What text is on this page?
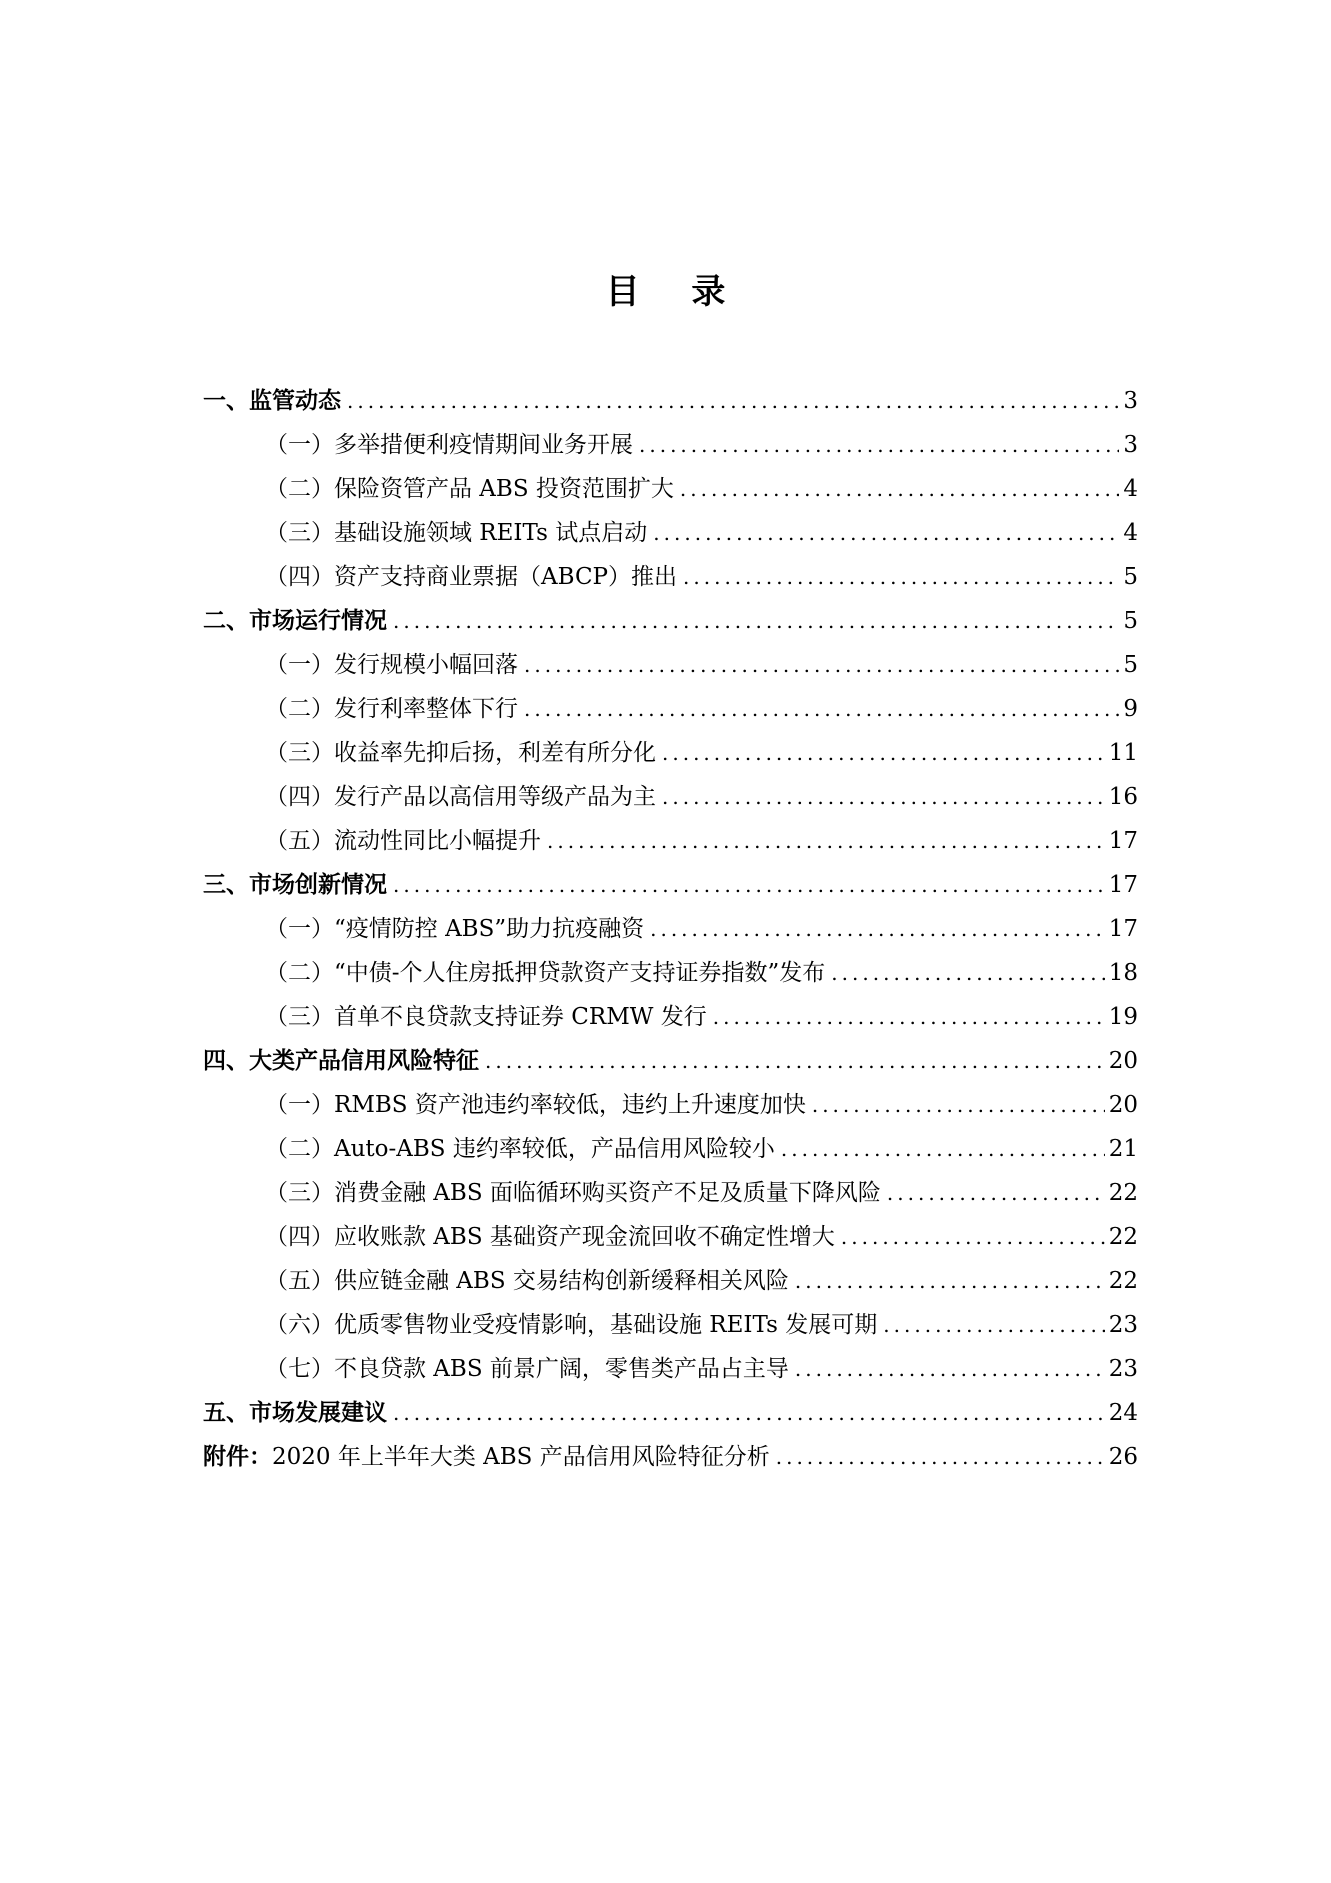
目 录
一、监管动态 .....	3
（一）多举措便利疫情期间业务开展 .....	3
（二）保险资管产品 ABS 投资范围扩大 .....	4
（三）基础设施领域 REITs 试点启动 .....	4
（四）资产支持商业票据（ABCP）推出 .....	5
二、市场运行情况 .....	5
（一）发行规模小幅回落 .....	5
（二）发行利率整体下行 .....	9
（三）收益率先抑后扬，利差有所分化 .....	11
（四）发行产品以高信用等级产品为主 .....	16
（五）流动性同比小幅提升 .....	17
三、市场创新情况 .....	17
（一）“疫情防控 ABS”助力抗疫融资 .....	17
（二）“中债-个人住房抵押贷款资产支持证券指数”发布 .....	18
（三）首单不良贷款支持证券 CRMW 发行 .....	19
四、大类产品信用风险特征 .....	20
（一）RMBS 资产池违约率较低，违约上升速度加快 .....	20
（二）Auto-ABS 违约率较低，产品信用风险较小 .....	21
（三）消费金融 ABS 面临循环购买资产不足及质量下降风险 .....	22
（四）应收账款 ABS 基础资产现金流回收不确定性增大 .....	22
（五）供应链金融 ABS 交易结构创新缓释相关风险 .....	22
（六）优质零售物业受疫情影响，基础设施 REITs 发展可期 .....	23
（七）不良贷款 ABS 前景广阔，零售类产品占主导 .....	23
五、市场发展建议 .....	24
附件：2020 年上半年大类 ABS 产品信用风险特征分析 .....	26
